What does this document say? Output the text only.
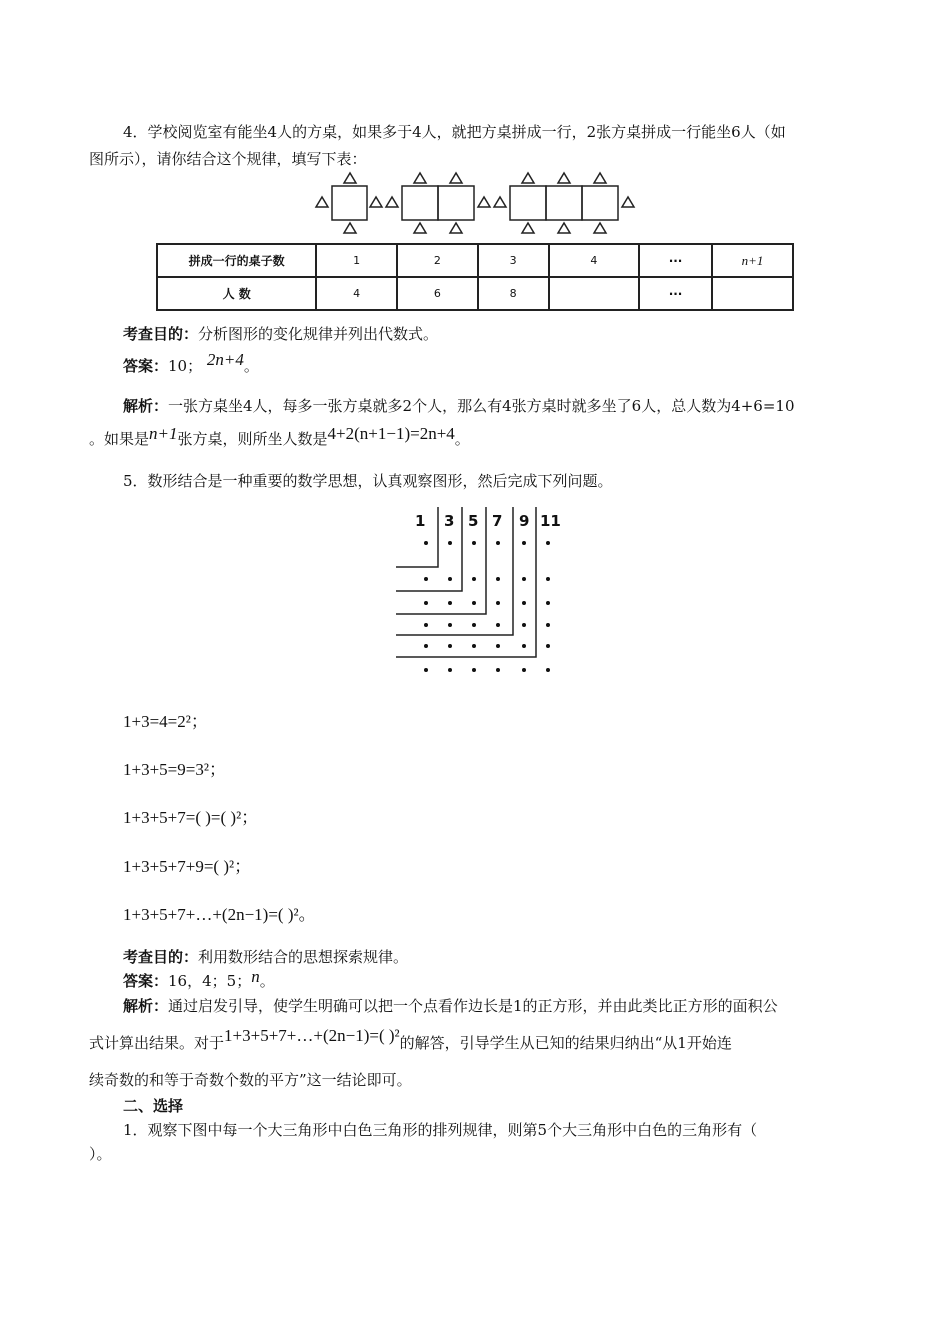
4．学校阅览室有能坐4人的方桌，如果多于4人，就把方桌拼成一行，2张方桌拼成一行能坐6人（如
图所示），请你结合这个规律，填写下表：
拼成一行的桌子数	1	2	3	4	···	n+1
人 数	4	6	8		···	
考查目的：分析图形的变化规律并列出代数式。
答案：10； 2n+4。
解析：一张方桌坐4人，每多一张方桌就多2个人，那么有4张方桌时就多坐了6人，总人数为4+6=10
。如果是n+1张方桌，则所坐人数是4+2(n+1−1)=2n+4。
5．数形结合是一种重要的数学思想，认真观察图形，然后完成下列问题。
1 3 5 7 9 11
1+3=4=2²；
1+3+5=9=3²；
1+3+5+7=( )=( )²；
1+3+5+7+9=( )²；
1+3+5+7+…+(2n−1)=( )²。
考查目的：利用数形结合的思想探索规律。
答案：16，4；5；n。
解析：通过启发引导，使学生明确可以把一个点看作边长是1的正方形，并由此类比正方形的面积公
式计算出结果。对于1+3+5+7+…+(2n−1)=( )²的解答，引导学生从已知的结果归纳出“从1开始连
续奇数的和等于奇数个数的平方”这一结论即可。
二、选择
1．观察下图中每一个大三角形中白色三角形的排列规律，则第5个大三角形中白色的三角形有（
）。
